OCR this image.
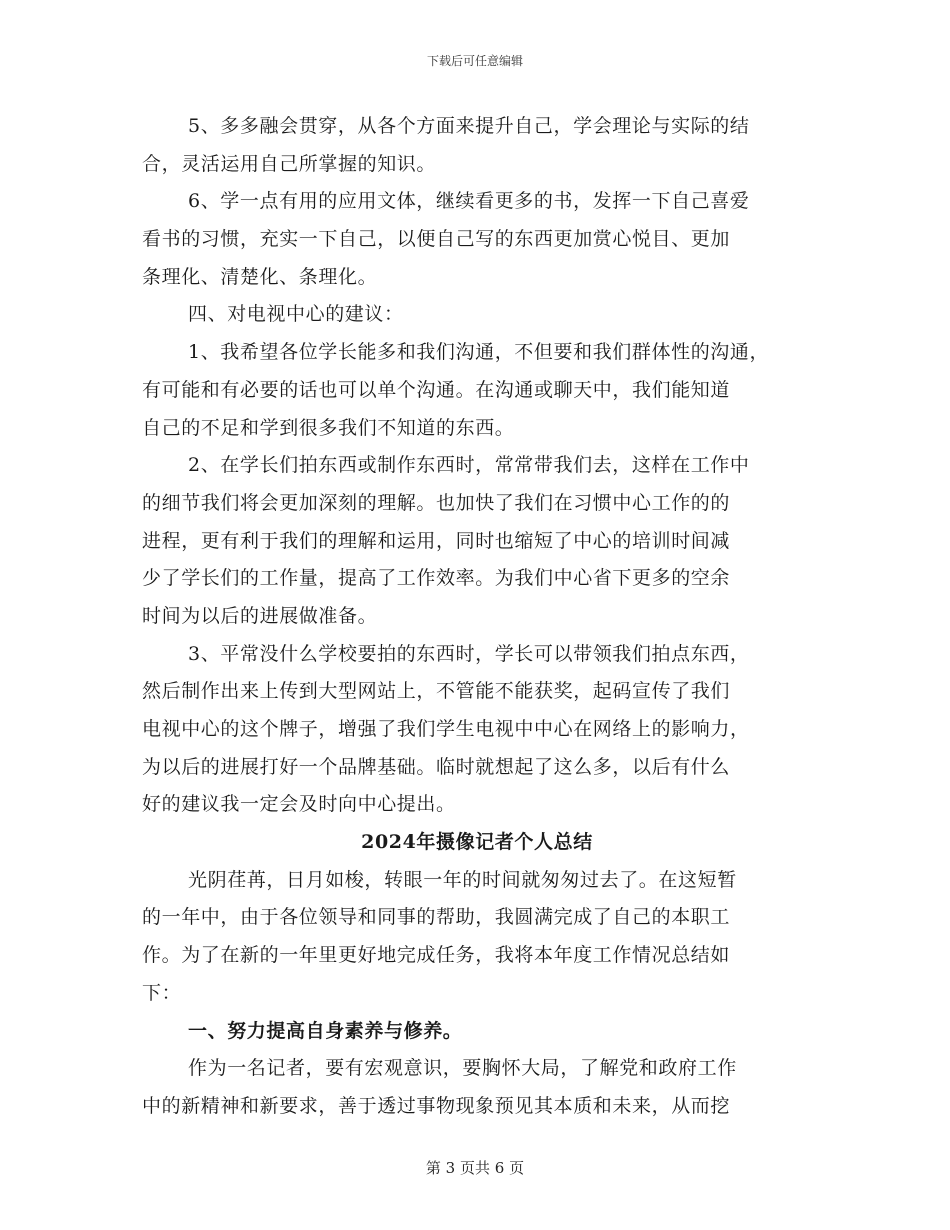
下载后可任意编辑
5、多多融会贯穿，从各个方面来提升自己，学会理论与实际的结
合，灵活运用自己所掌握的知识。
6、学一点有用的应用文体，继续看更多的书，发挥一下自己喜爱
看书的习惯，充实一下自己，以便自己写的东西更加赏心悦目、更加
条理化、清楚化、条理化。
四、对电视中心的建议：
1、我希望各位学长能多和我们沟通，不但要和我们群体性的沟通，
有可能和有必要的话也可以单个沟通。在沟通或聊天中，我们能知道
自己的不足和学到很多我们不知道的东西。
2、在学长们拍东西或制作东西时，常常带我们去，这样在工作中
的细节我们将会更加深刻的理解。也加快了我们在习惯中心工作的的
进程，更有利于我们的理解和运用，同时也缩短了中心的培训时间减
少了学长们的工作量，提高了工作效率。为我们中心省下更多的空余
时间为以后的进展做准备。
3、平常没什么学校要拍的东西时，学长可以带领我们拍点东西，
然后制作出来上传到大型网站上，不管能不能获奖，起码宣传了我们
电视中心的这个牌子，增强了我们学生电视中中心在网络上的影响力，
为以后的进展打好一个品牌基础。临时就想起了这么多，以后有什么
好的建议我一定会及时向中心提出。
2024年摄像记者个人总结
光阴荏苒，日月如梭，转眼一年的时间就匆匆过去了。在这短暂
的一年中，由于各位领导和同事的帮助，我圆满完成了自己的本职工
作。为了在新的一年里更好地完成任务，我将本年度工作情况总结如
下：
一、努力提高自身素养与修养。
作为一名记者，要有宏观意识，要胸怀大局，了解党和政府工作
中的新精神和新要求，善于透过事物现象预见其本质和未来，从而挖
第 3 页共 6 页
